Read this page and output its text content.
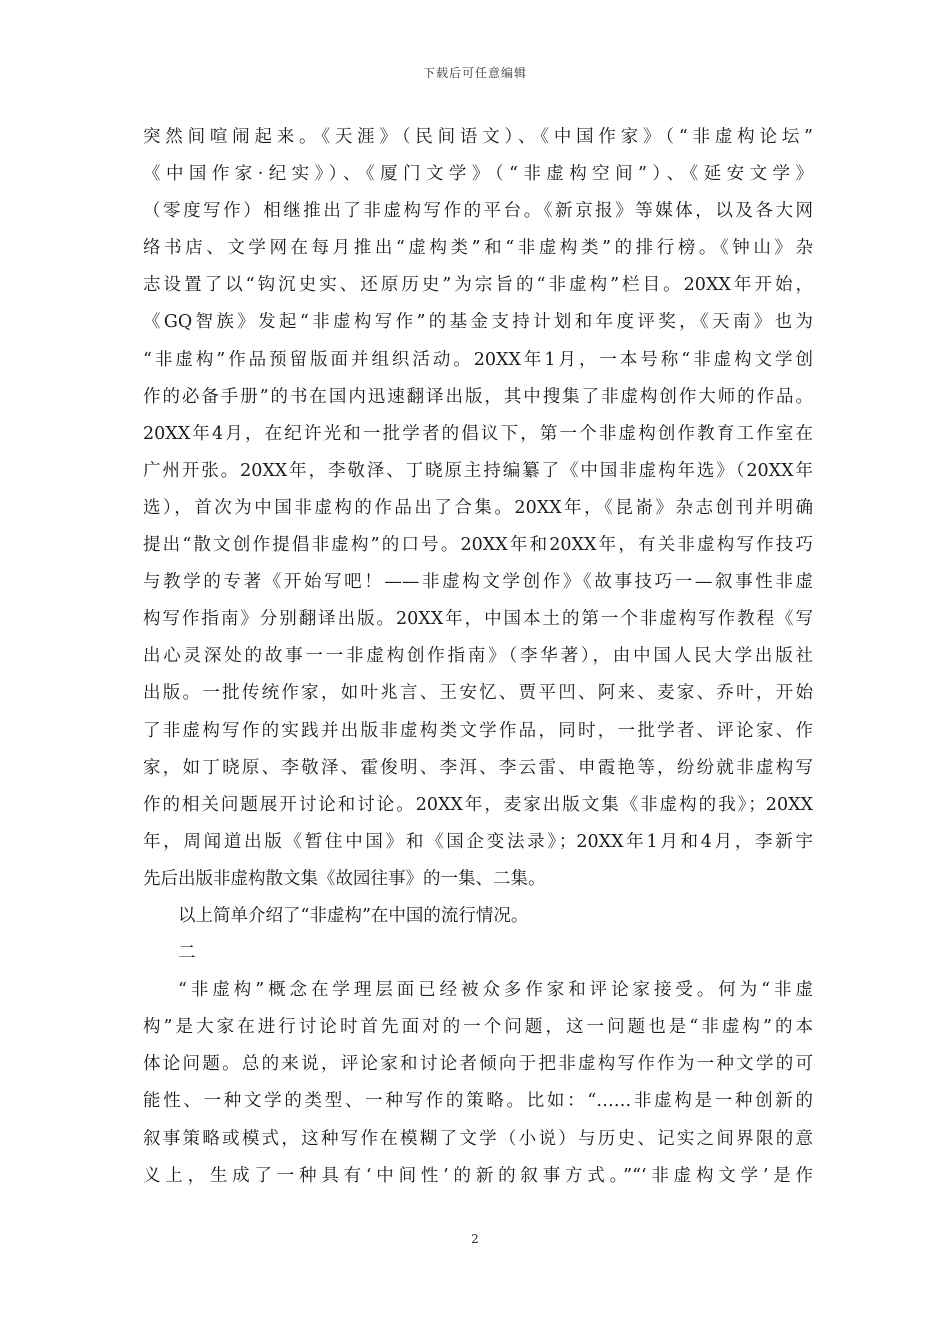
下载后可任意编辑
突然间喧闹起来。《天涯》（民间语文）、《中国作家》（“非虚构论坛”
《中国作家·纪实》）、《厦门文学》（“非虚构空间”）、《延安文学》
（零度写作）相继推出了非虚构写作的平台。《新京报》等媒体，以及各大网
络书店、文学网在每月推出“虚构类”和“非虚构类”的排行榜。《钟山》杂
志设置了以“钩沉史实、还原历史”为宗旨的“非虚构”栏目。20XX年开始，
《GQ智族》发起“非虚构写作”的基金支持计划和年度评奖，《天南》也为
“非虚构”作品预留版面并组织活动。20XX年1月，一本号称“非虚构文学创
作的必备手册”的书在国内迅速翻译出版，其中搜集了非虚构创作大师的作品。
20XX年4月，在纪许光和一批学者的倡议下，第一个非虚构创作教育工作室在
广州开张。20XX年，李敬泽、丁晓原主持编纂了《中国非虚构年选》（20XX年
选），首次为中国非虚构的作品出了合集。20XX年，《昆嵛》杂志创刊并明确
提出“散文创作提倡非虚构”的口号。20XX年和20XX年，有关非虚构写作技巧
与教学的专著《开始写吧！——非虚构文学创作》《故事技巧一—叙事性非虚
构写作指南》分别翻译出版。20XX年，中国本土的第一个非虚构写作教程《写
出心灵深处的故事一一非虚构创作指南》（李华著），由中国人民大学出版社
出版。一批传统作家，如叶兆言、王安忆、贾平凹、阿来、麦家、乔叶，开始
了非虚构写作的实践并出版非虚构类文学作品，同时，一批学者、评论家、作
家，如丁晓原、李敬泽、霍俊明、李洱、李云雷、申霞艳等，纷纷就非虚构写
作的相关问题展开讨论和讨论。20XX年，麦家出版文集《非虚构的我》；20XX
年，周闻道出版《暂住中国》和《国企变法录》；20XX年1月和4月，李新宇
先后出版非虚构散文集《故园往事》的一集、二集。
以上简单介绍了“非虚构”在中国的流行情况。
二
“非虚构”概念在学理层面已经被众多作家和评论家接受。何为“非虚
构”是大家在进行讨论时首先面对的一个问题，这一问题也是“非虚构”的本
体论问题。总的来说，评论家和讨论者倾向于把非虚构写作作为一种文学的可
能性、一种文学的类型、一种写作的策略。比如：“……非虚构是一种创新的
叙事策略或模式，这种写作在模糊了文学（小说）与历史、记实之间界限的意
义上，生成了一种具有‘中间性’的新的叙事方式。”“‘非虚构文学’是作
2
